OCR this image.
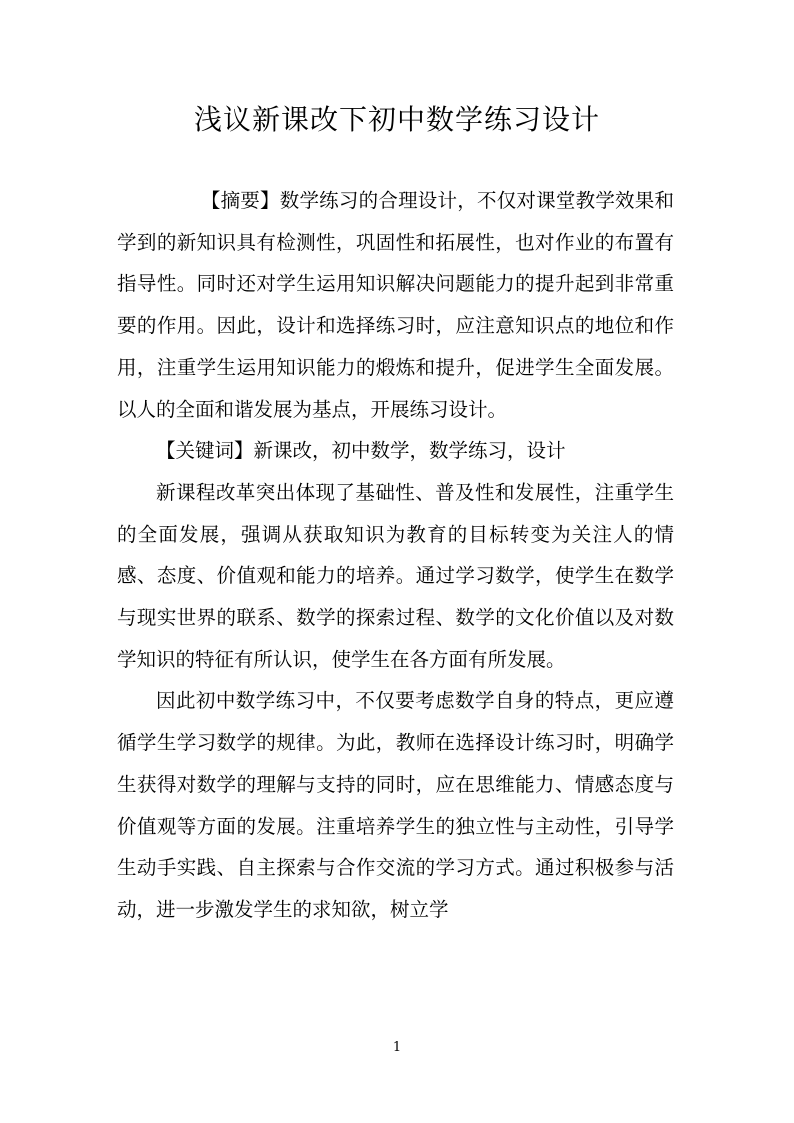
浅议新课改下初中数学练习设计

【摘要】数学练习的合理设计，不仅对课堂教学效果和学到的新知识具有检测性，巩固性和拓展性，也对作业的布置有指导性。同时还对学生运用知识解决问题能力的提升起到非常重要的作用。因此，设计和选择练习时，应注意知识点的地位和作用，注重学生运用知识能力的煅炼和提升，促进学生全面发展。以人的全面和谐发展为基点，开展练习设计。

【关键词】新课改，初中数学，数学练习，设计

新课程改革突出体现了基础性、普及性和发展性，注重学生的全面发展，强调从获取知识为教育的目标转变为关注人的情感、态度、价值观和能力的培养。通过学习数学，使学生在数学与现实世界的联系、数学的探索过程、数学的文化价值以及对数学知识的特征有所认识，使学生在各方面有所发展。

因此初中数学练习中，不仅要考虑数学自身的特点，更应遵循学生学习数学的规律。为此，教师在选择设计练习时，明确学生获得对数学的理解与支持的同时，应在思维能力、情感态度与价值观等方面的发展。注重培养学生的独立性与主动性，引导学生动手实践、自主探索与合作交流的学习方式。通过积极参与活动，进一步激发学生的求知欲，树立学

1
